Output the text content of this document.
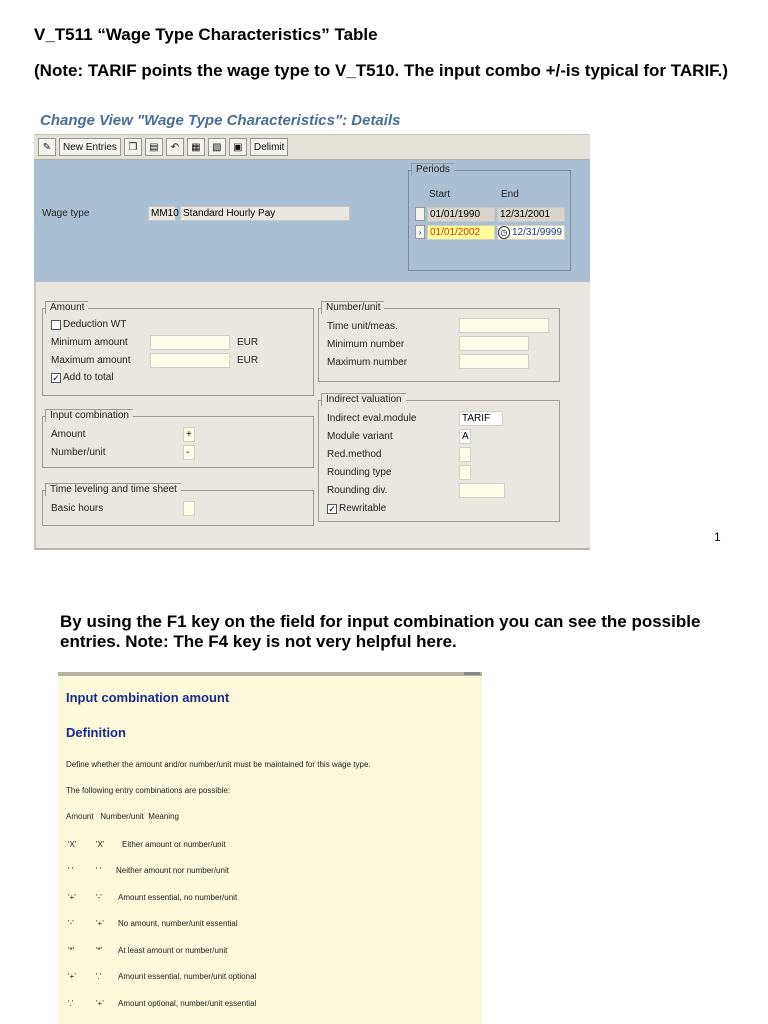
V_T511 “Wage Type Characteristics” Table
(Note: TARIF points the wage type to V_T510. The input combo +/-is typical for TARIF.)
Change View "Wage Type Characteristics": Details
✎	New Entries	❐	▤	↶	▦	▧	▣	Delimit
Wage type	MM10 Standard Hourly Pay
Periods
Start	End
01/01/1990	12/31/2001
› 01/01/2002	12/31/9999
◷
Amount
Deduction WT
Minimum amount	EUR
Maximum amount	EUR
✓ Add to total
Input combination
Amount	+
Number/unit	-
Time leveling and time sheet
Basic hours
Number/unit
Time unit/meas.
Minimum number
Maximum number
Indirect valuation
Indirect eval.module	TARIF
Module variant	A
Red.method
Rounding type
Rounding div.
✓ Rewritable
1
By using the F1 key on the field for input combination you can see the possible entries. Note: The F4 key is not very helpful here.
Input combination amount
Definition
Define whether the amount and/or number/unit must be maintained for this wage type.
The following entry combinations are possible:
Amount Number/unit Meaning
'X' 'X' Either amount or number/unit
' '	' ' Neither amount nor number/unit
'+'	'-' Amount essential, no number/unit
'-'	'+' No amount, number/unit essential
'*'	'*' At least amount or number/unit
'+'	'.' Amount essential, number/unit optional
'.'	'+' Amount optional, number/unit essential
